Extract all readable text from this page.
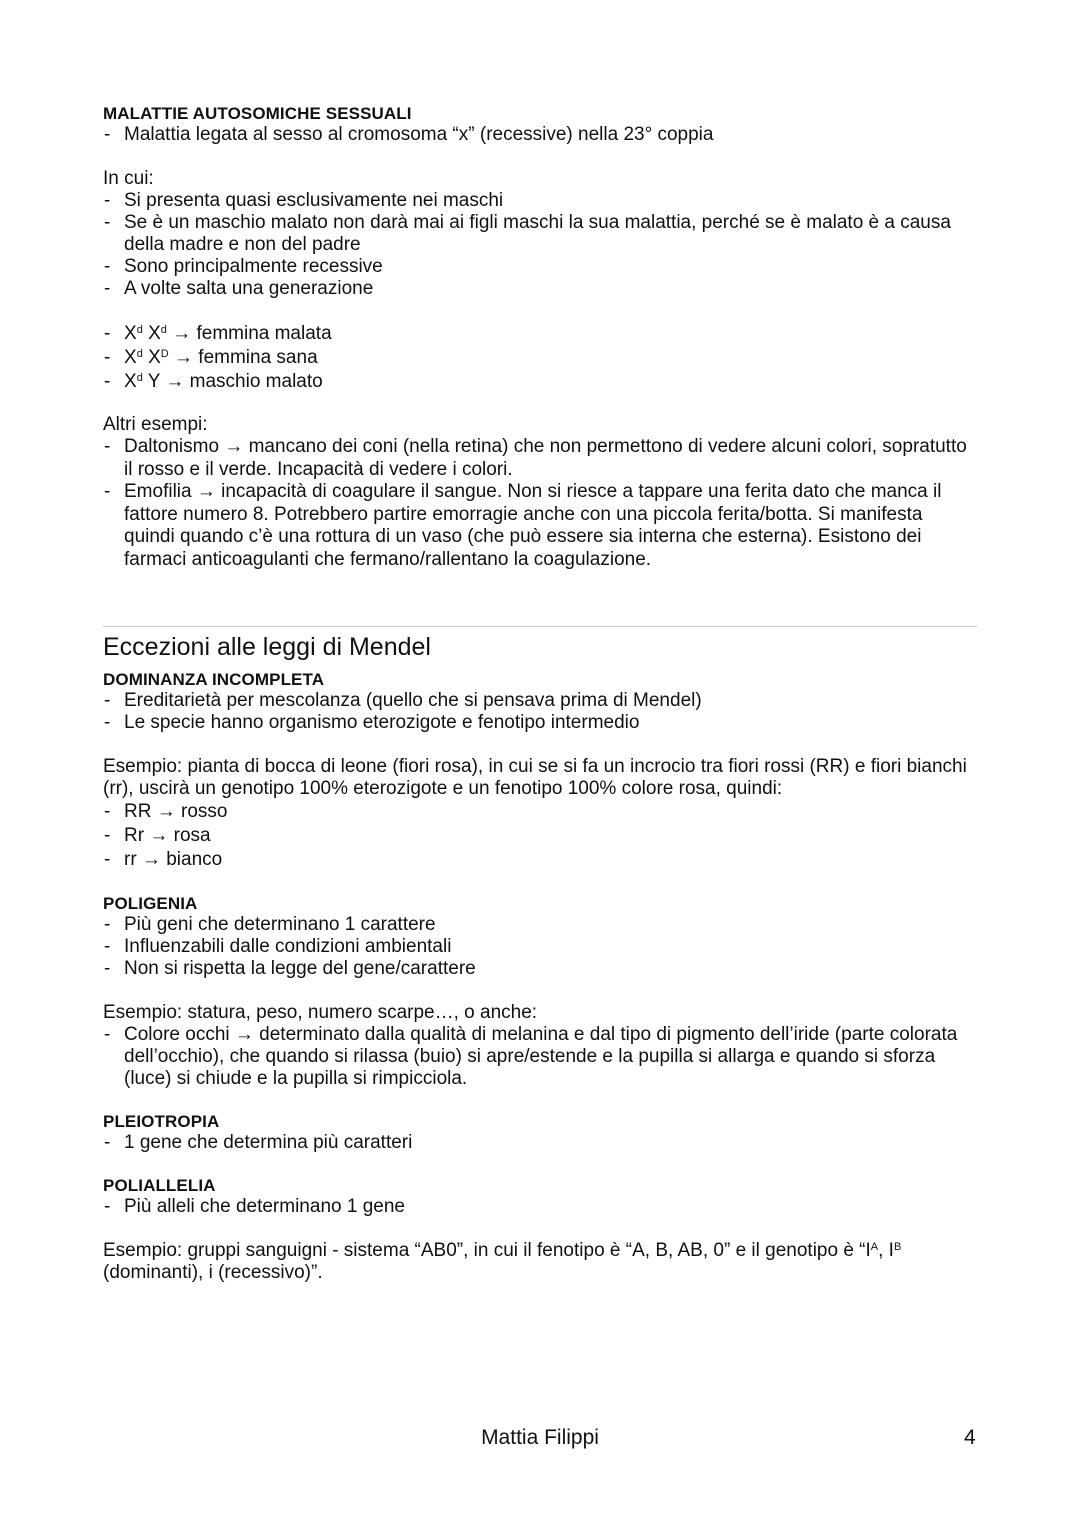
MALATTIE AUTOSOMICHE SESSUALI
- Malattia legata al sesso al cromosoma “x” (recessive) nella 23° coppia
In cui:
- Si presenta quasi esclusivamente nei maschi
- Se è un maschio malato non darà mai ai figli maschi la sua malattia, perché se è malato è a causa della madre e non del padre
- Sono principalmente recessive
- A volte salta una generazione
- $X^d$ $X^d \to femmina$ malata
- $X^d$ $X^D \to femmina$ sana
- $X^d$ Y → maschio malato
Altri esempi:
- Daltonismo → mancano dei coni (nella retina) che non permettono di vedere alcuni colori, sopratutto il rosso e il verde. Incapacità di vedere i colori.
- Emofilia → incapacità di coagulare il sangue. Non si riesce a tappare una ferita dato che manca il fattore numero 8. Potrebbero partire emorragie anche con una piccola ferita/botta. Si manifesta quindi quando c’è una rottura di un vaso (che può essere sia interna che esterna). Esistono dei farmaci anticoagulanti che fermano/rallentano la coagulazione.
Eccezioni alle leggi di Mendel
DOMINANZA INCOMPLETA
- Ereditarietà per mescolanza (quello che si pensava prima di Mendel)
- Le specie hanno organismo eterozigote e fenotipo intermedio
Esempio: pianta di bocca di leone (fiori rosa), in cui se si fa un incrocio tra fiori rossi (RR) e fiori bianchi (rr), uscirà un genotipo 100% eterozigote e un fenotipo 100% colore rosa, quindi:
- RR → rosso
- Rr → rosa
- rr → bianco
POLIGENIA
- Più geni che determinano 1 carattere
- Influenzabili dalle condizioni ambientali
- Non si rispetta la legge del gene/carattere
Esempio: statura, peso, numero scarpe…, o anche:
- Colore occhi → determinato dalla qualità di melanina e dal tipo di pigmento dell’iride (parte colorata dell’occhio), che quando si rilassa (buio) si apre/estende e la pupilla si allarga e quando si sforza (luce) si chiude e la pupilla si rimpicciola.
PLEIOTROPIA
- 1 gene che determina più caratteri
POLIALLELIA
- Più alleli che determinano 1 gene
Esempio: gruppi sanguigni - sistema “AB0”, in cui il fenotipo è “A, B, AB, 0” e il genotipo è “$I^A$, $I^B$ (dominanti), i (recessivo)”.
Mattia Filippi	4
